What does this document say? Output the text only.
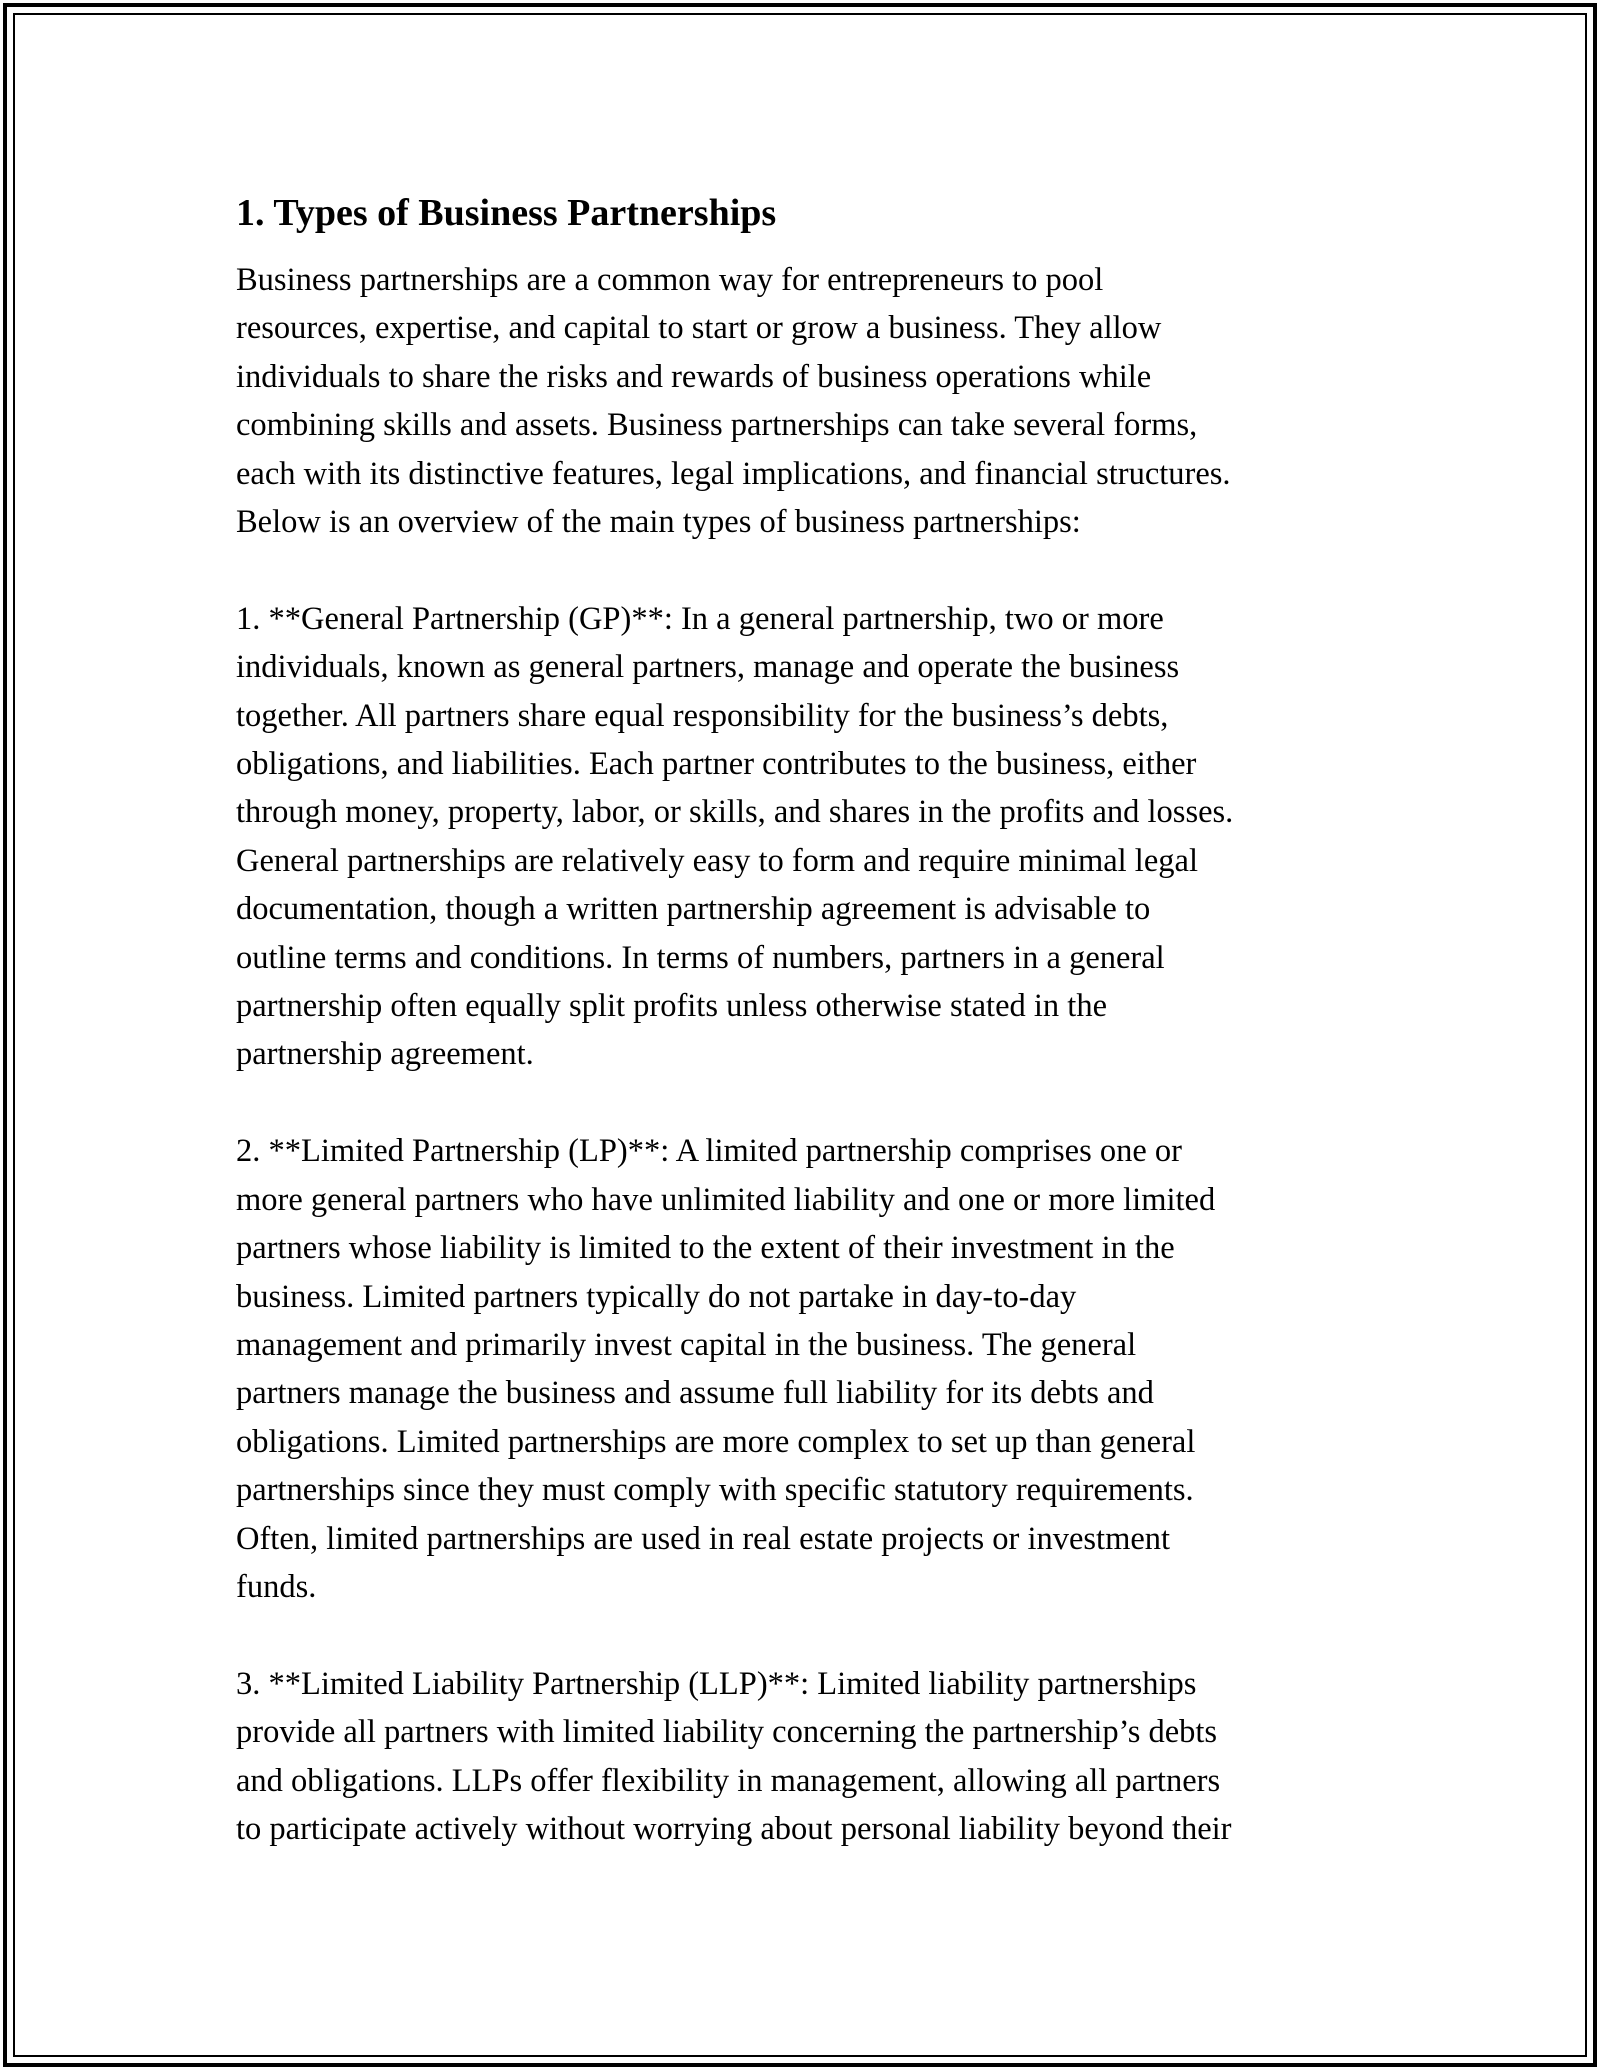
1. Types of Business Partnerships
Business partnerships are a common way for entrepreneurs to pool
resources, expertise, and capital to start or grow a business. They allow
individuals to share the risks and rewards of business operations while
combining skills and assets. Business partnerships can take several forms,
each with its distinctive features, legal implications, and financial structures.
Below is an overview of the main types of business partnerships:
1. **General Partnership (GP)**: In a general partnership, two or more
individuals, known as general partners, manage and operate the business
together. All partners share equal responsibility for the business’s debts,
obligations, and liabilities. Each partner contributes to the business, either
through money, property, labor, or skills, and shares in the profits and losses.
General partnerships are relatively easy to form and require minimal legal
documentation, though a written partnership agreement is advisable to
outline terms and conditions. In terms of numbers, partners in a general
partnership often equally split profits unless otherwise stated in the
partnership agreement.
2. **Limited Partnership (LP)**: A limited partnership comprises one or
more general partners who have unlimited liability and one or more limited
partners whose liability is limited to the extent of their investment in the
business. Limited partners typically do not partake in day-to-day
management and primarily invest capital in the business. The general
partners manage the business and assume full liability for its debts and
obligations. Limited partnerships are more complex to set up than general
partnerships since they must comply with specific statutory requirements.
Often, limited partnerships are used in real estate projects or investment
funds.
3. **Limited Liability Partnership (LLP)**: Limited liability partnerships
provide all partners with limited liability concerning the partnership’s debts
and obligations. LLPs offer flexibility in management, allowing all partners
to participate actively without worrying about personal liability beyond their
